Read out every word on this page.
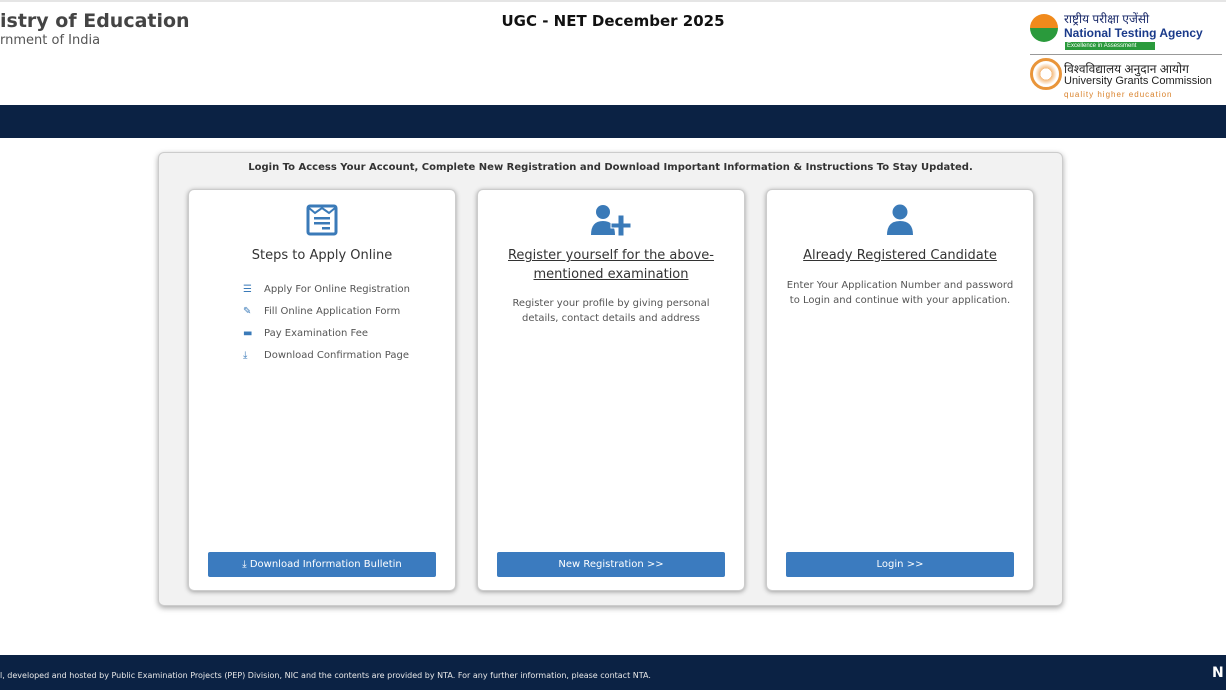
istry of Education
rnment of India
UGC - NET December 2025	राष्ट्रीय परीक्षा एजेंसी
National Testing Agency
Excellence in Assessment
विश्वविद्यालय अनुदान आयोग
University Grants Commission
quality higher education
Login To Access Your Account, Complete New Registration and Download Important Information & Instructions To Stay Updated.
Steps to Apply Online
☰	Apply For Online Registration
✎	Fill Online Application Form
▬	Pay Examination Fee
⤓	Download Confirmation Page
⤓ Download Information Bulletin
Register yourself for the above-mentioned examination
Register your profile by giving personal details, contact details and address
New Registration >>
Already Registered Candidate
Enter Your Application Number and password to Login and continue with your application.
Login >>
l, developed and hosted by Public Examination Projects (PEP) Division, NIC and the contents are provided by NTA. For any further information, please contact NTA.	N
